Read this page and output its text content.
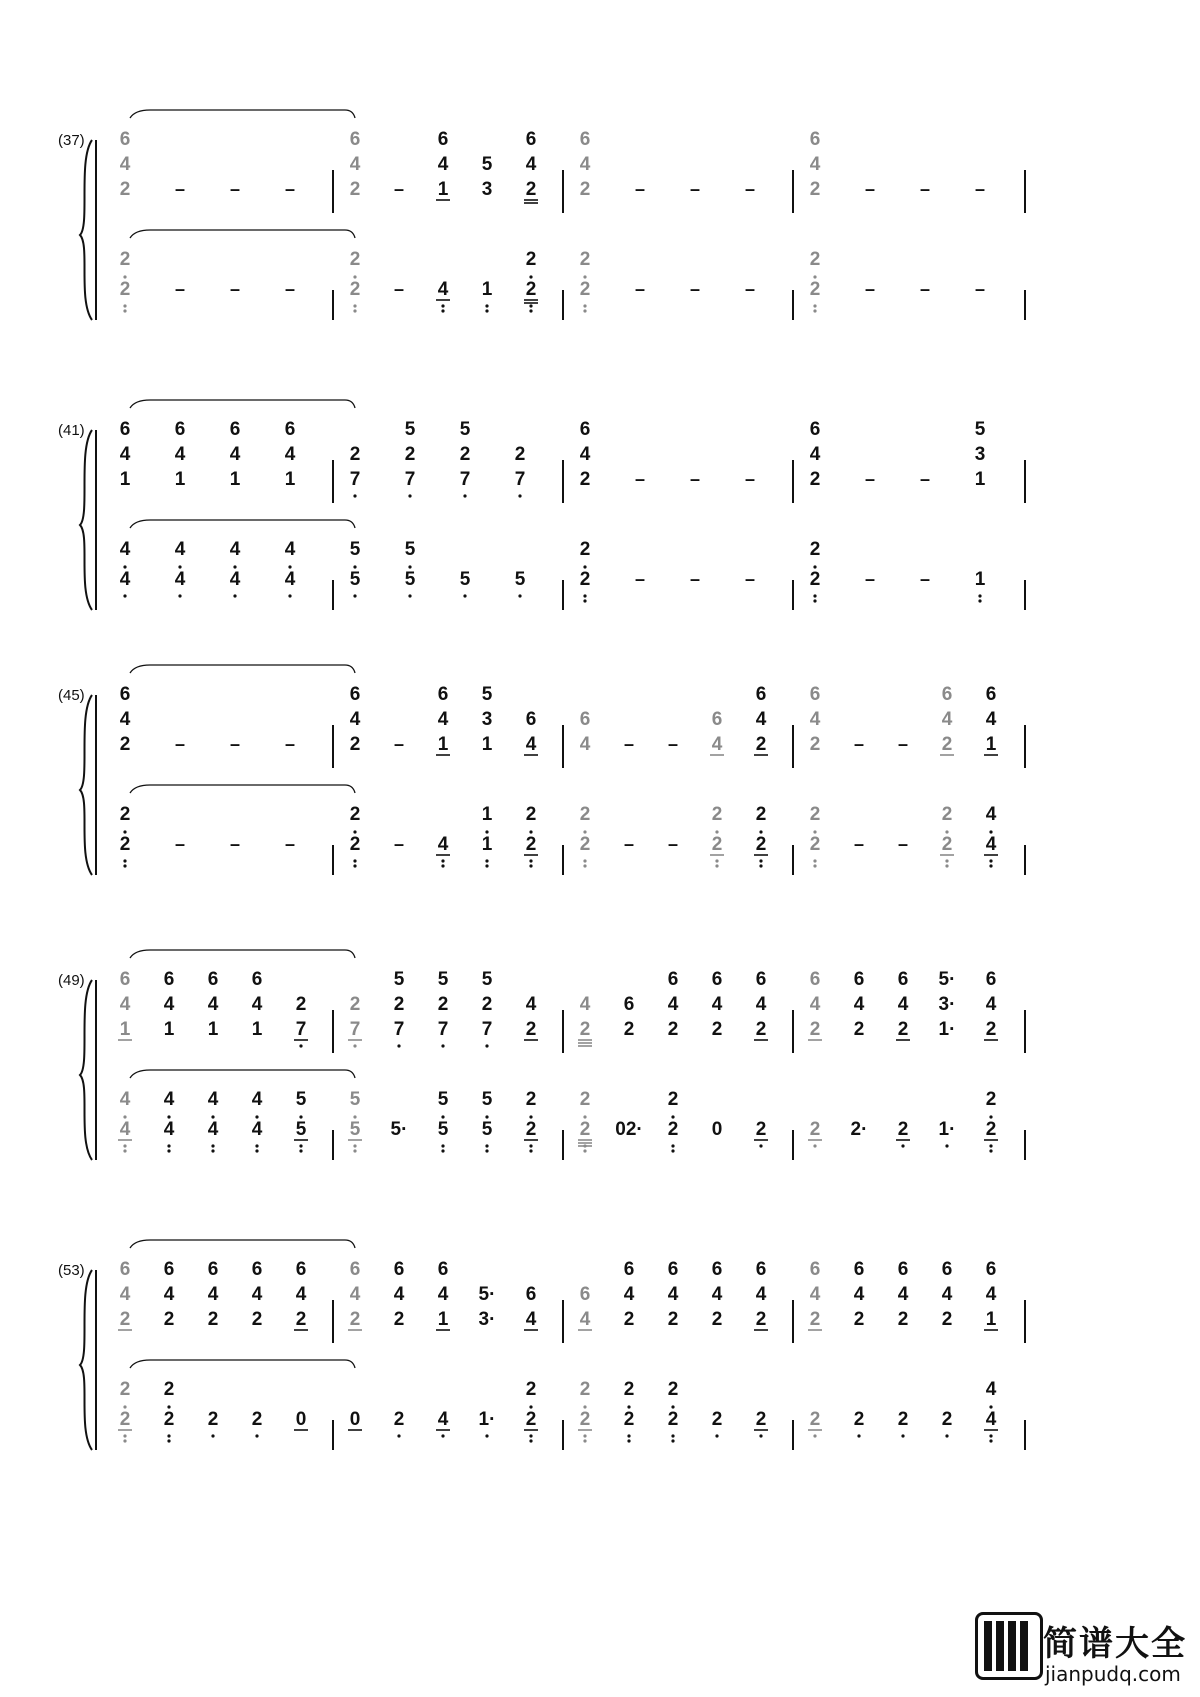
(37) 6
4
2 – – –
6
4
2 –
6
4
1
5
3
6
4
2
6
4
2 – – –
6
4
2 – – –
2
2 – – –
2
2 – 4 1
2
2
2
2 – – –
2
2 – – –
(41) 6
4
1
6
4
1
6
4
1
6
4
1
2
7
5
2
7
5
2
7
2
7
6
4
2 – – –
6
4
2 – –
5
3
1
4
4
4
4
4
4
4
4
5
5
5
5 5 5
2
2 – – –
2
2 – – 1
(45) 6
4
2 – – –
6
4
2 –
6
4
1
5
3
1
6
4
6
4 – –
6
4
6
4
2
6
4
2 – –
6
4
2
6
4
1
2
2 – – –
2
2 – 4
1
1
2
2
2
2 – –
2
2
2
2
2
2 – –
2
2
4
4
(49) 6
4
1
6
4
1
6
4
1
6
4
1
2
7
2
7
5
2
7
5
2
7
5
2
7
4
2
4
2
6
2
6
4
2
6
4
2
6
4
2
6
4
2
6
4
2
6
4
2
5·
3·
1·
6
4
2
4
4
4
4
4
4
4
4
5
5
5
5 5·
5
5
5
5
2
2
2
2 02·
2
2 0 2 2 2· 2 1·
2
2
(53) 6
4
2
6
4
2
6
4
2
6
4
2
6
4
2
6
4
2
6
4
2
6
4
1
5·
3·
6
4
6
4
6
4
2
6
4
2
6
4
2
6
4
2
6
4
2
6
4
2
6
4
2
6
4
2
6
4
1
2
2
2
2 2 2 0 0 2 4 1·
2
2
2
2
2
2
2
2 2 2 2 2 2 2
4
4
简谱大全
jianpudq.com
